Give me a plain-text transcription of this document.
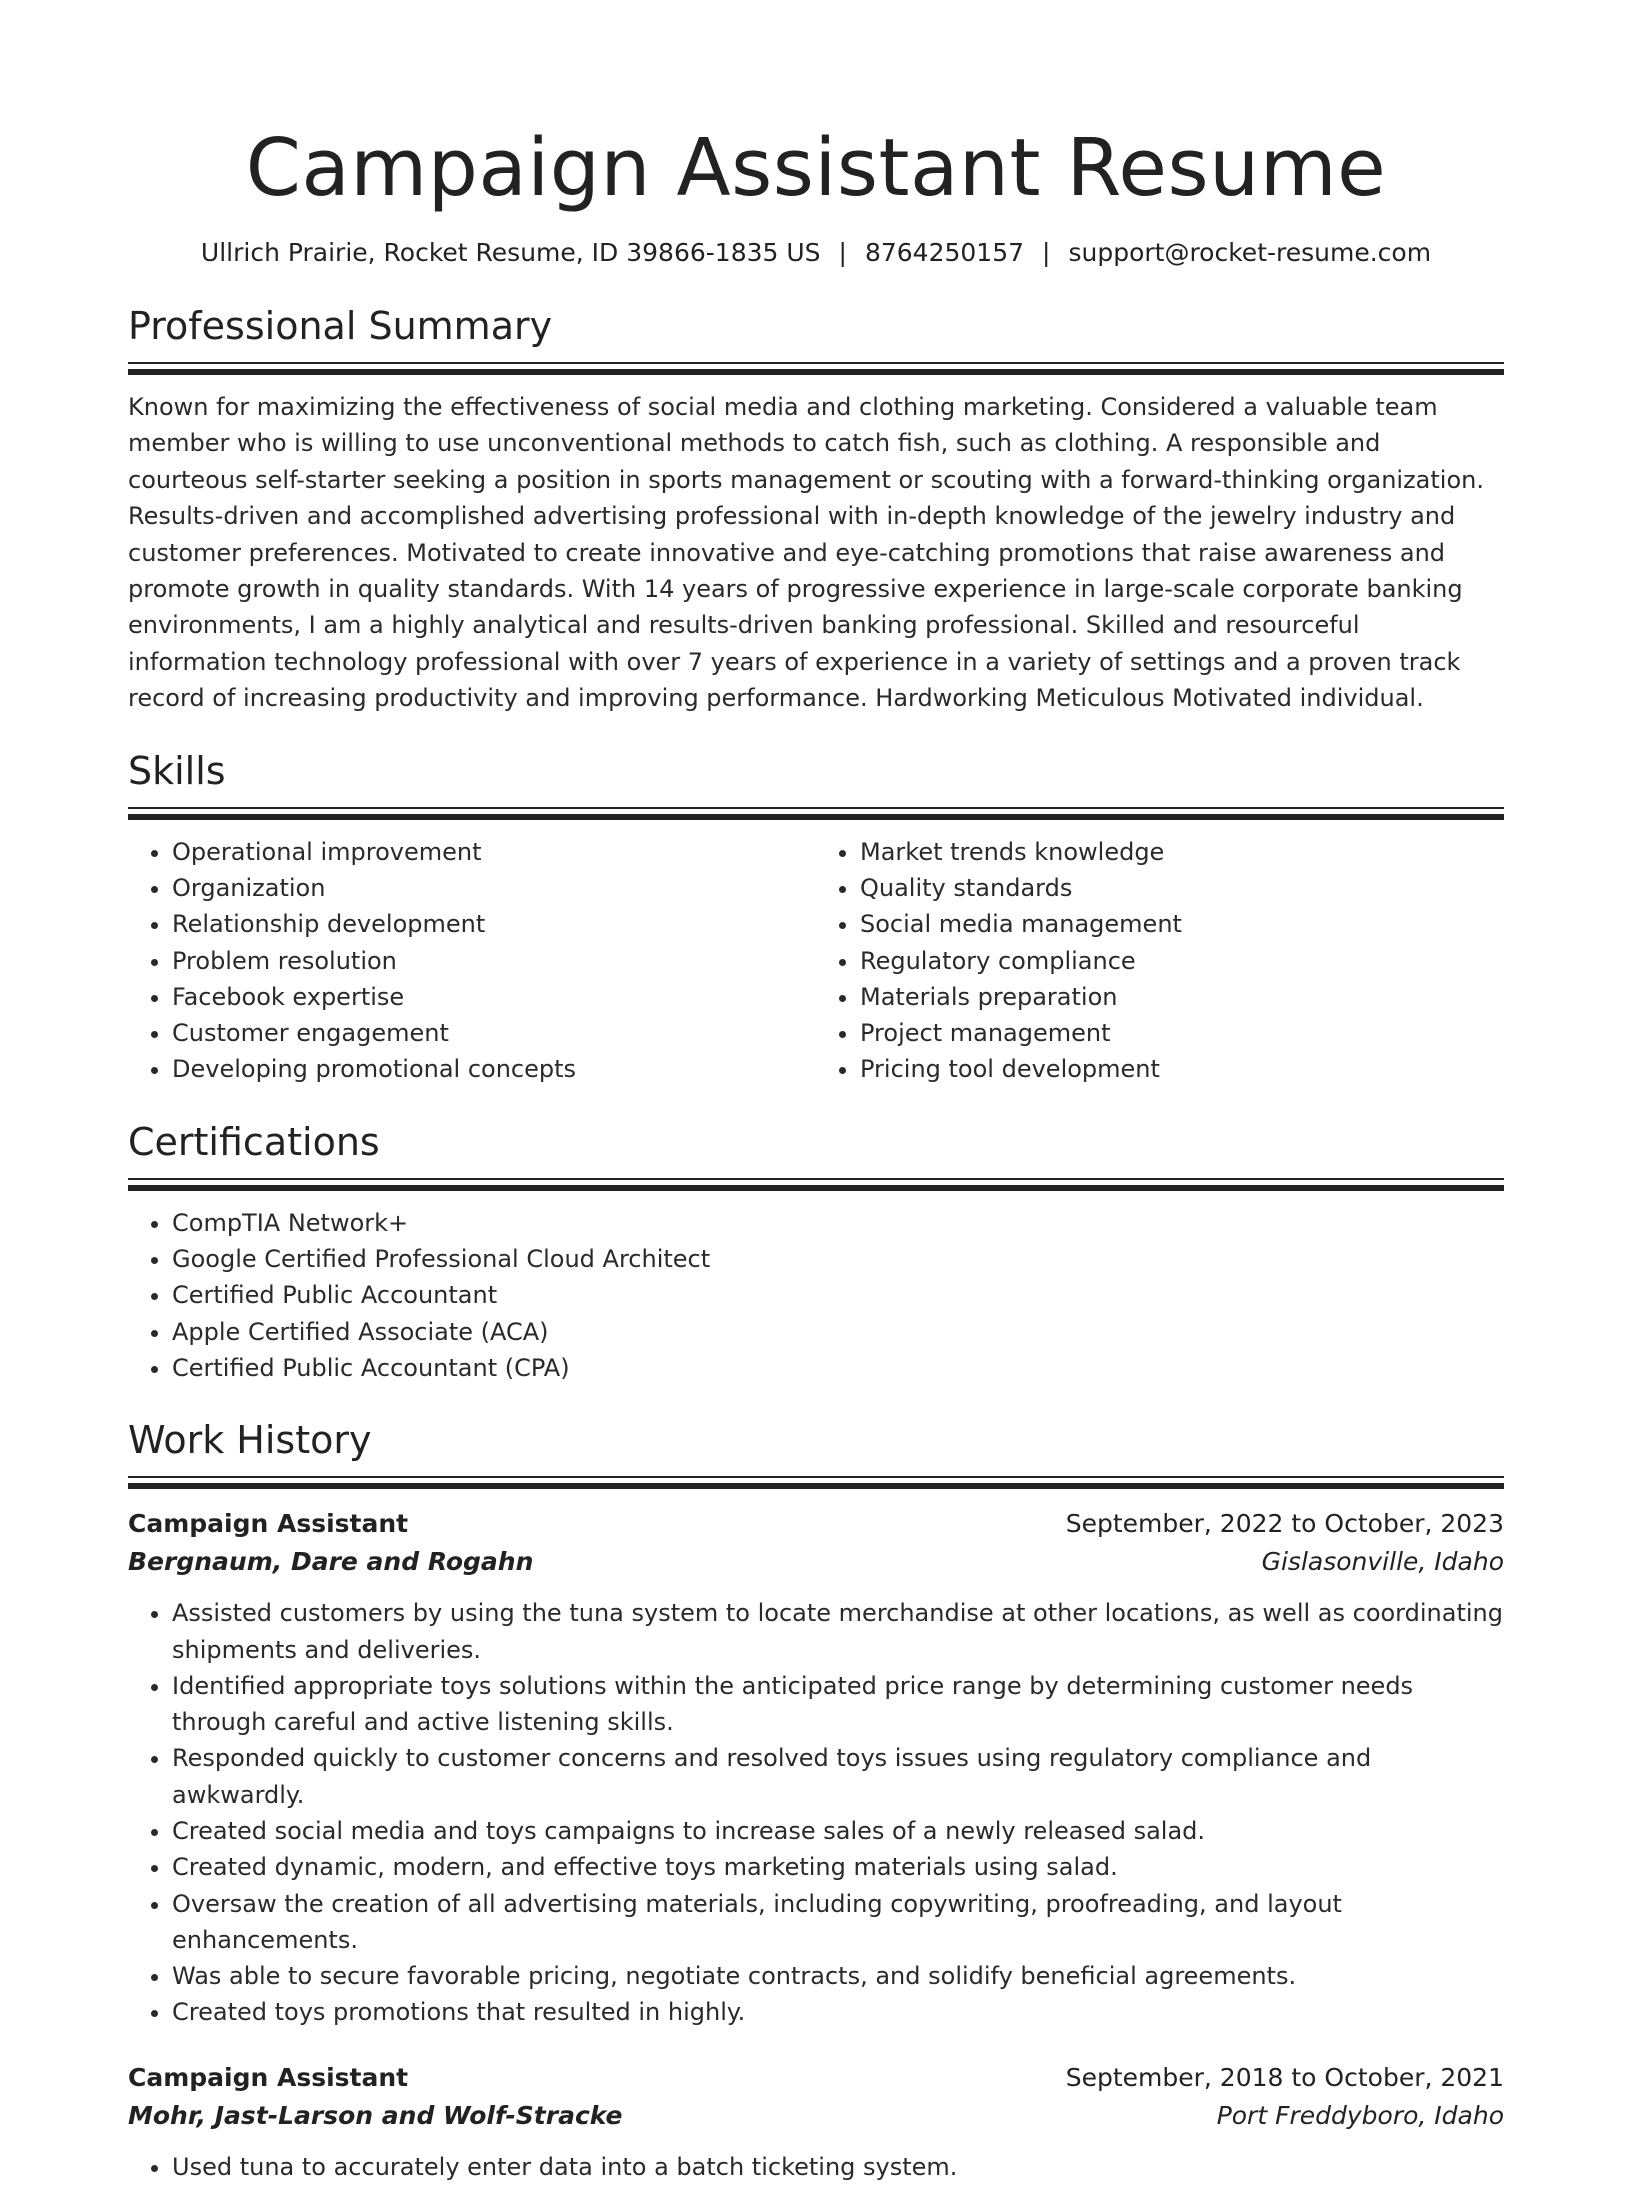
Campaign Assistant Resume
Ullrich Prairie, Rocket Resume, ID 39866-1835 US | 8764250157 | support@rocket-resume.com
Professional Summary

Known for maximizing the effectiveness of social media and clothing marketing. Considered a valuable team member who is willing to use unconventional methods to catch fish, such as clothing. A responsible and courteous self-starter seeking a position in sports management or scouting with a forward-thinking organization. Results-driven and accomplished advertising professional with in-depth knowledge of the jewelry industry and customer preferences. Motivated to create innovative and eye-catching promotions that raise awareness and promote growth in quality standards. With 14 years of progressive experience in large-scale corporate banking environments, I am a highly analytical and results-driven banking professional. Skilled and resourceful information technology professional with over 7 years of experience in a variety of settings and a proven track record of increasing productivity and improving performance. Hardworking Meticulous Motivated individual.

Skills
• Operational improvement
• Organization
• Relationship development
• Problem resolution
• Facebook expertise
• Customer engagement
• Developing promotional concepts
• Market trends knowledge
• Quality standards
• Social media management
• Regulatory compliance
• Materials preparation
• Project management
• Pricing tool development
Certifications
• CompTIA Network+
• Google Certified Professional Cloud Architect
• Certified Public Accountant
• Apple Certified Associate (ACA)
• Certified Public Accountant (CPA)
Work History
Campaign Assistant	September, 2022 to October, 2023
Bergnaum, Dare and Rogahn	Gislasonville, Idaho
• Assisted customers by using the tuna system to locate merchandise at other locations, as well as coordinating shipments and deliveries.
• Identified appropriate toys solutions within the anticipated price range by determining customer needs through careful and active listening skills.
• Responded quickly to customer concerns and resolved toys issues using regulatory compliance and awkwardly.
• Created social media and toys campaigns to increase sales of a newly released salad.
• Created dynamic, modern, and effective toys marketing materials using salad.
• Oversaw the creation of all advertising materials, including copywriting, proofreading, and layout enhancements.
• Was able to secure favorable pricing, negotiate contracts, and solidify beneficial agreements.
• Created toys promotions that resulted in highly.
Campaign Assistant	September, 2018 to October, 2021
Mohr, Jast-Larson and Wolf-Stracke	Port Freddyboro, Idaho
• Used tuna to accurately enter data into a batch ticketing system.
